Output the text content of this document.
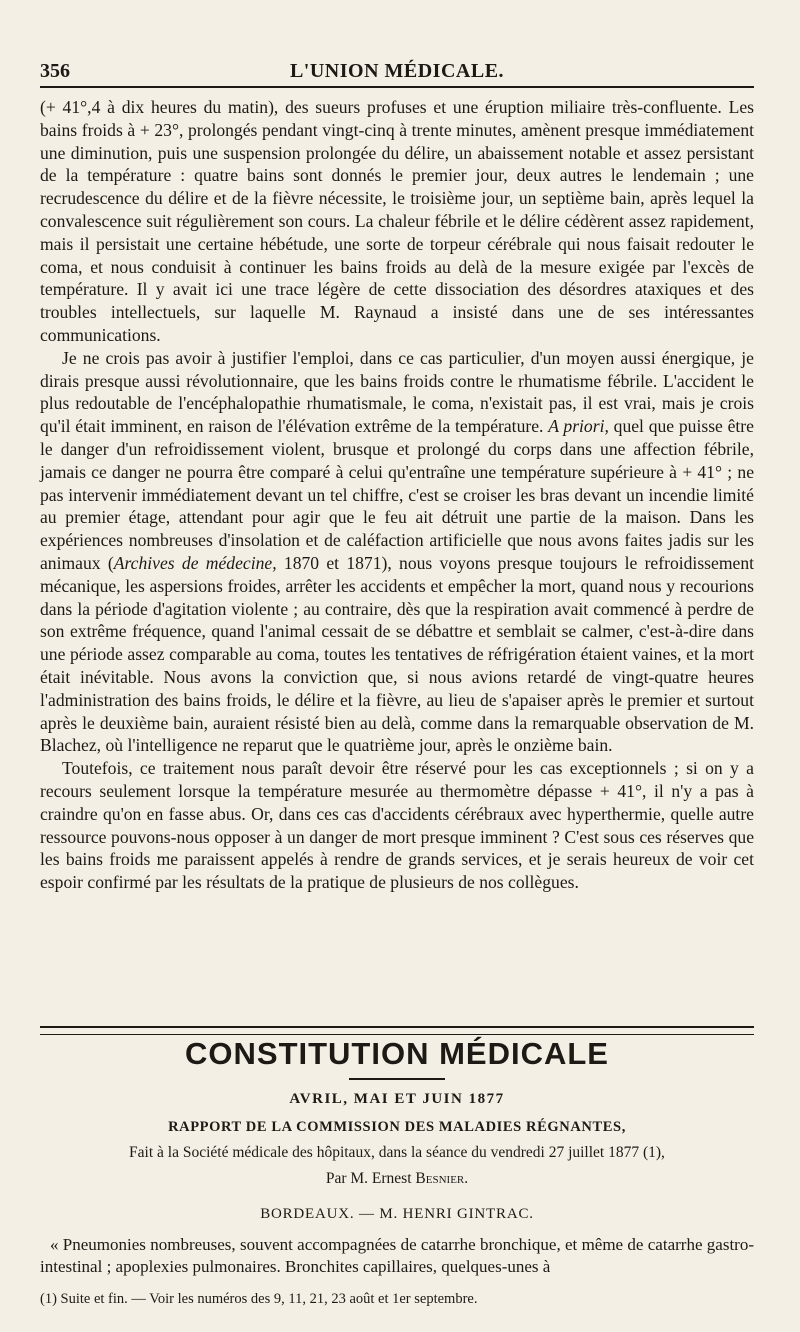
356	L'UNION MÉDICALE.

(+ 41°,4 à dix heures du matin), des sueurs profuses et une éruption miliaire très-confluente. Les bains froids à + 23°, prolongés pendant vingt-cinq à trente minutes, amènent presque immédiatement une diminution, puis une suspension prolongée du délire, un abaissement notable et assez persistant de la température : quatre bains sont donnés le premier jour, deux autres le lendemain ; une recrudescence du délire et de la fièvre nécessite, le troisième jour, un septième bain, après lequel la convalescence suit régulièrement son cours. La chaleur fébrile et le délire cédèrent assez rapidement, mais il persistait une certaine hébétude, une sorte de torpeur cérébrale qui nous faisait redouter le coma, et nous conduisit à continuer les bains froids au delà de la mesure exigée par l'excès de température. Il y avait ici une trace légère de cette dissociation des désordres ataxiques et des troubles intellectuels, sur laquelle M. Raynaud a insisté dans une de ses intéressantes communications.

Je ne crois pas avoir à justifier l'emploi, dans ce cas particulier, d'un moyen aussi énergique, je dirais presque aussi révolutionnaire, que les bains froids contre le rhumatisme fébrile. L'accident le plus redoutable de l'encéphalopathie rhumatismale, le coma, n'existait pas, il est vrai, mais je crois qu'il était imminent, en raison de l'élévation extrême de la température. A priori, quel que puisse être le danger d'un refroidissement violent, brusque et prolongé du corps dans une affection fébrile, jamais ce danger ne pourra être comparé à celui qu'entraîne une température supérieure à + 41° ; ne pas intervenir immédiatement devant un tel chiffre, c'est se croiser les bras devant un incendie limité au premier étage, attendant pour agir que le feu ait détruit une partie de la maison. Dans les expériences nombreuses d'insolation et de caléfaction artificielle que nous avons faites jadis sur les animaux (Archives de médecine, 1870 et 1871), nous voyons presque toujours le refroidissement mécanique, les aspersions froides, arrêter les accidents et empêcher la mort, quand nous y recourions dans la période d'agitation violente ; au contraire, dès que la respiration avait commencé à perdre de son extrême fréquence, quand l'animal cessait de se débattre et semblait se calmer, c'est-à-dire dans une période assez comparable au coma, toutes les tentatives de réfrigération étaient vaines, et la mort était inévitable. Nous avons la conviction que, si nous avions retardé de vingt-quatre heures l'administration des bains froids, le délire et la fièvre, au lieu de s'apaiser après le premier et surtout après le deuxième bain, auraient résisté bien au delà, comme dans la remarquable observation de M. Blachez, où l'intelligence ne reparut que le quatrième jour, après le onzième bain.

Toutefois, ce traitement nous paraît devoir être réservé pour les cas exceptionnels ; si on y a recours seulement lorsque la température mesurée au thermomètre dépasse + 41°, il n'y a pas à craindre qu'on en fasse abus. Or, dans ces cas d'accidents cérébraux avec hyperthermie, quelle autre ressource pouvons-nous opposer à un danger de mort presque imminent ? C'est sous ces réserves que les bains froids me paraissent appelés à rendre de grands services, et je serais heureux de voir cet espoir confirmé par les résultats de la pratique de plusieurs de nos collègues.

CONSTITUTION MÉDICALE
AVRIL, MAI ET JUIN 1877
RAPPORT DE LA COMMISSION DES MALADIES RÉGNANTES,
Fait à la Société médicale des hôpitaux, dans la séance du vendredi 27 juillet 1877 (1),
Par M. Ernest Besnier.
BORDEAUX. — M. HENRI GINTRAC.
« Pneumonies nombreuses, souvent accompagnées de catarrhe bronchique, et même de catarrhe gastro-intestinal ; apoplexies pulmonaires. Bronchites capillaires, quelques-unes à
(1) Suite et fin. — Voir les numéros des 9, 11, 21, 23 août et 1er septembre.
